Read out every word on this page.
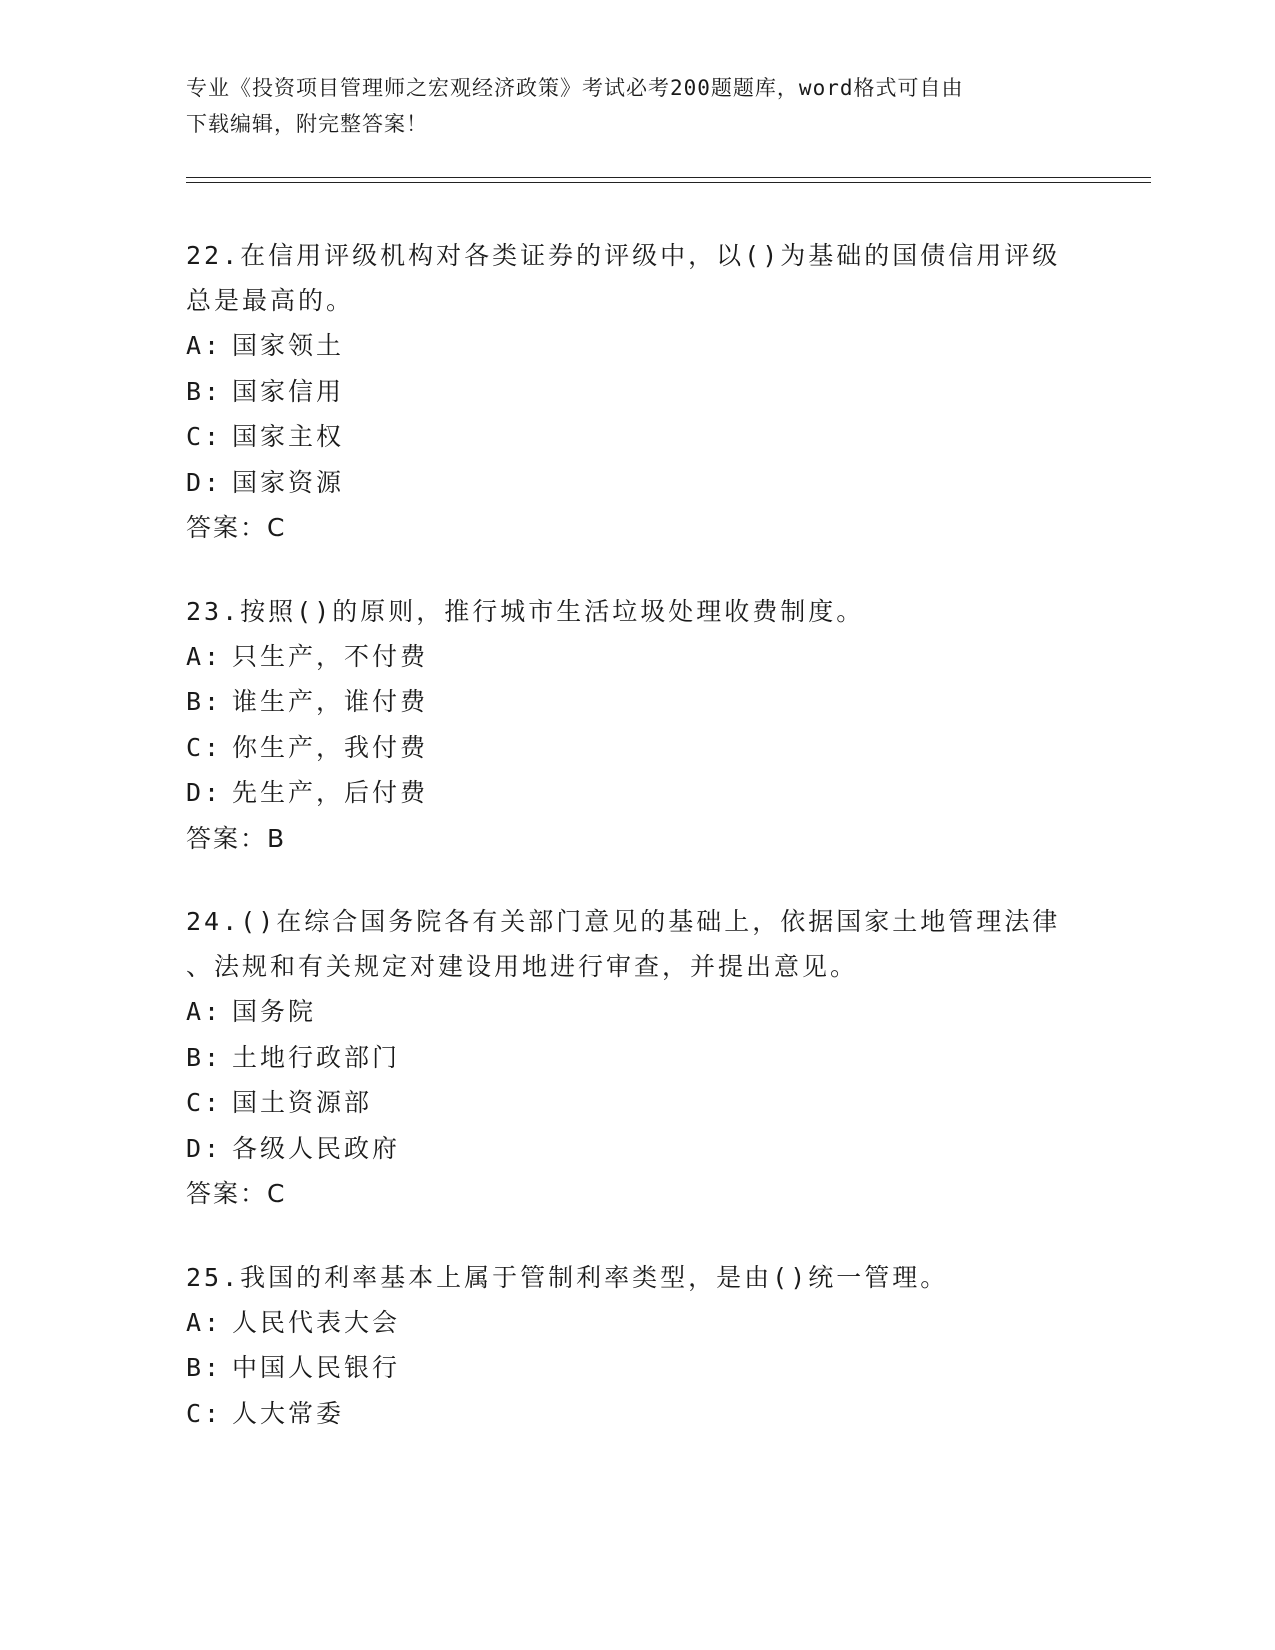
专业《投资项目管理师之宏观经济政策》考试必考200题题库，word格式可自由
下载编辑，附完整答案！
22.在信用评级机构对各类证券的评级中，以()为基础的国债信用评级
总是最高的。
A: 国家领土
B: 国家信用
C: 国家主权
D: 国家资源
答案：C
23.按照()的原则，推行城市生活垃圾处理收费制度。
A: 只生产，不付费
B: 谁生产，谁付费
C: 你生产，我付费
D: 先生产，后付费
答案：B
24.()在综合国务院各有关部门意见的基础上，依据国家土地管理法律
、法规和有关规定对建设用地进行审查，并提出意见。
A: 国务院
B: 土地行政部门
C: 国土资源部
D: 各级人民政府
答案：C
25.我国的利率基本上属于管制利率类型，是由()统一管理。
A: 人民代表大会
B: 中国人民银行
C: 人大常委
